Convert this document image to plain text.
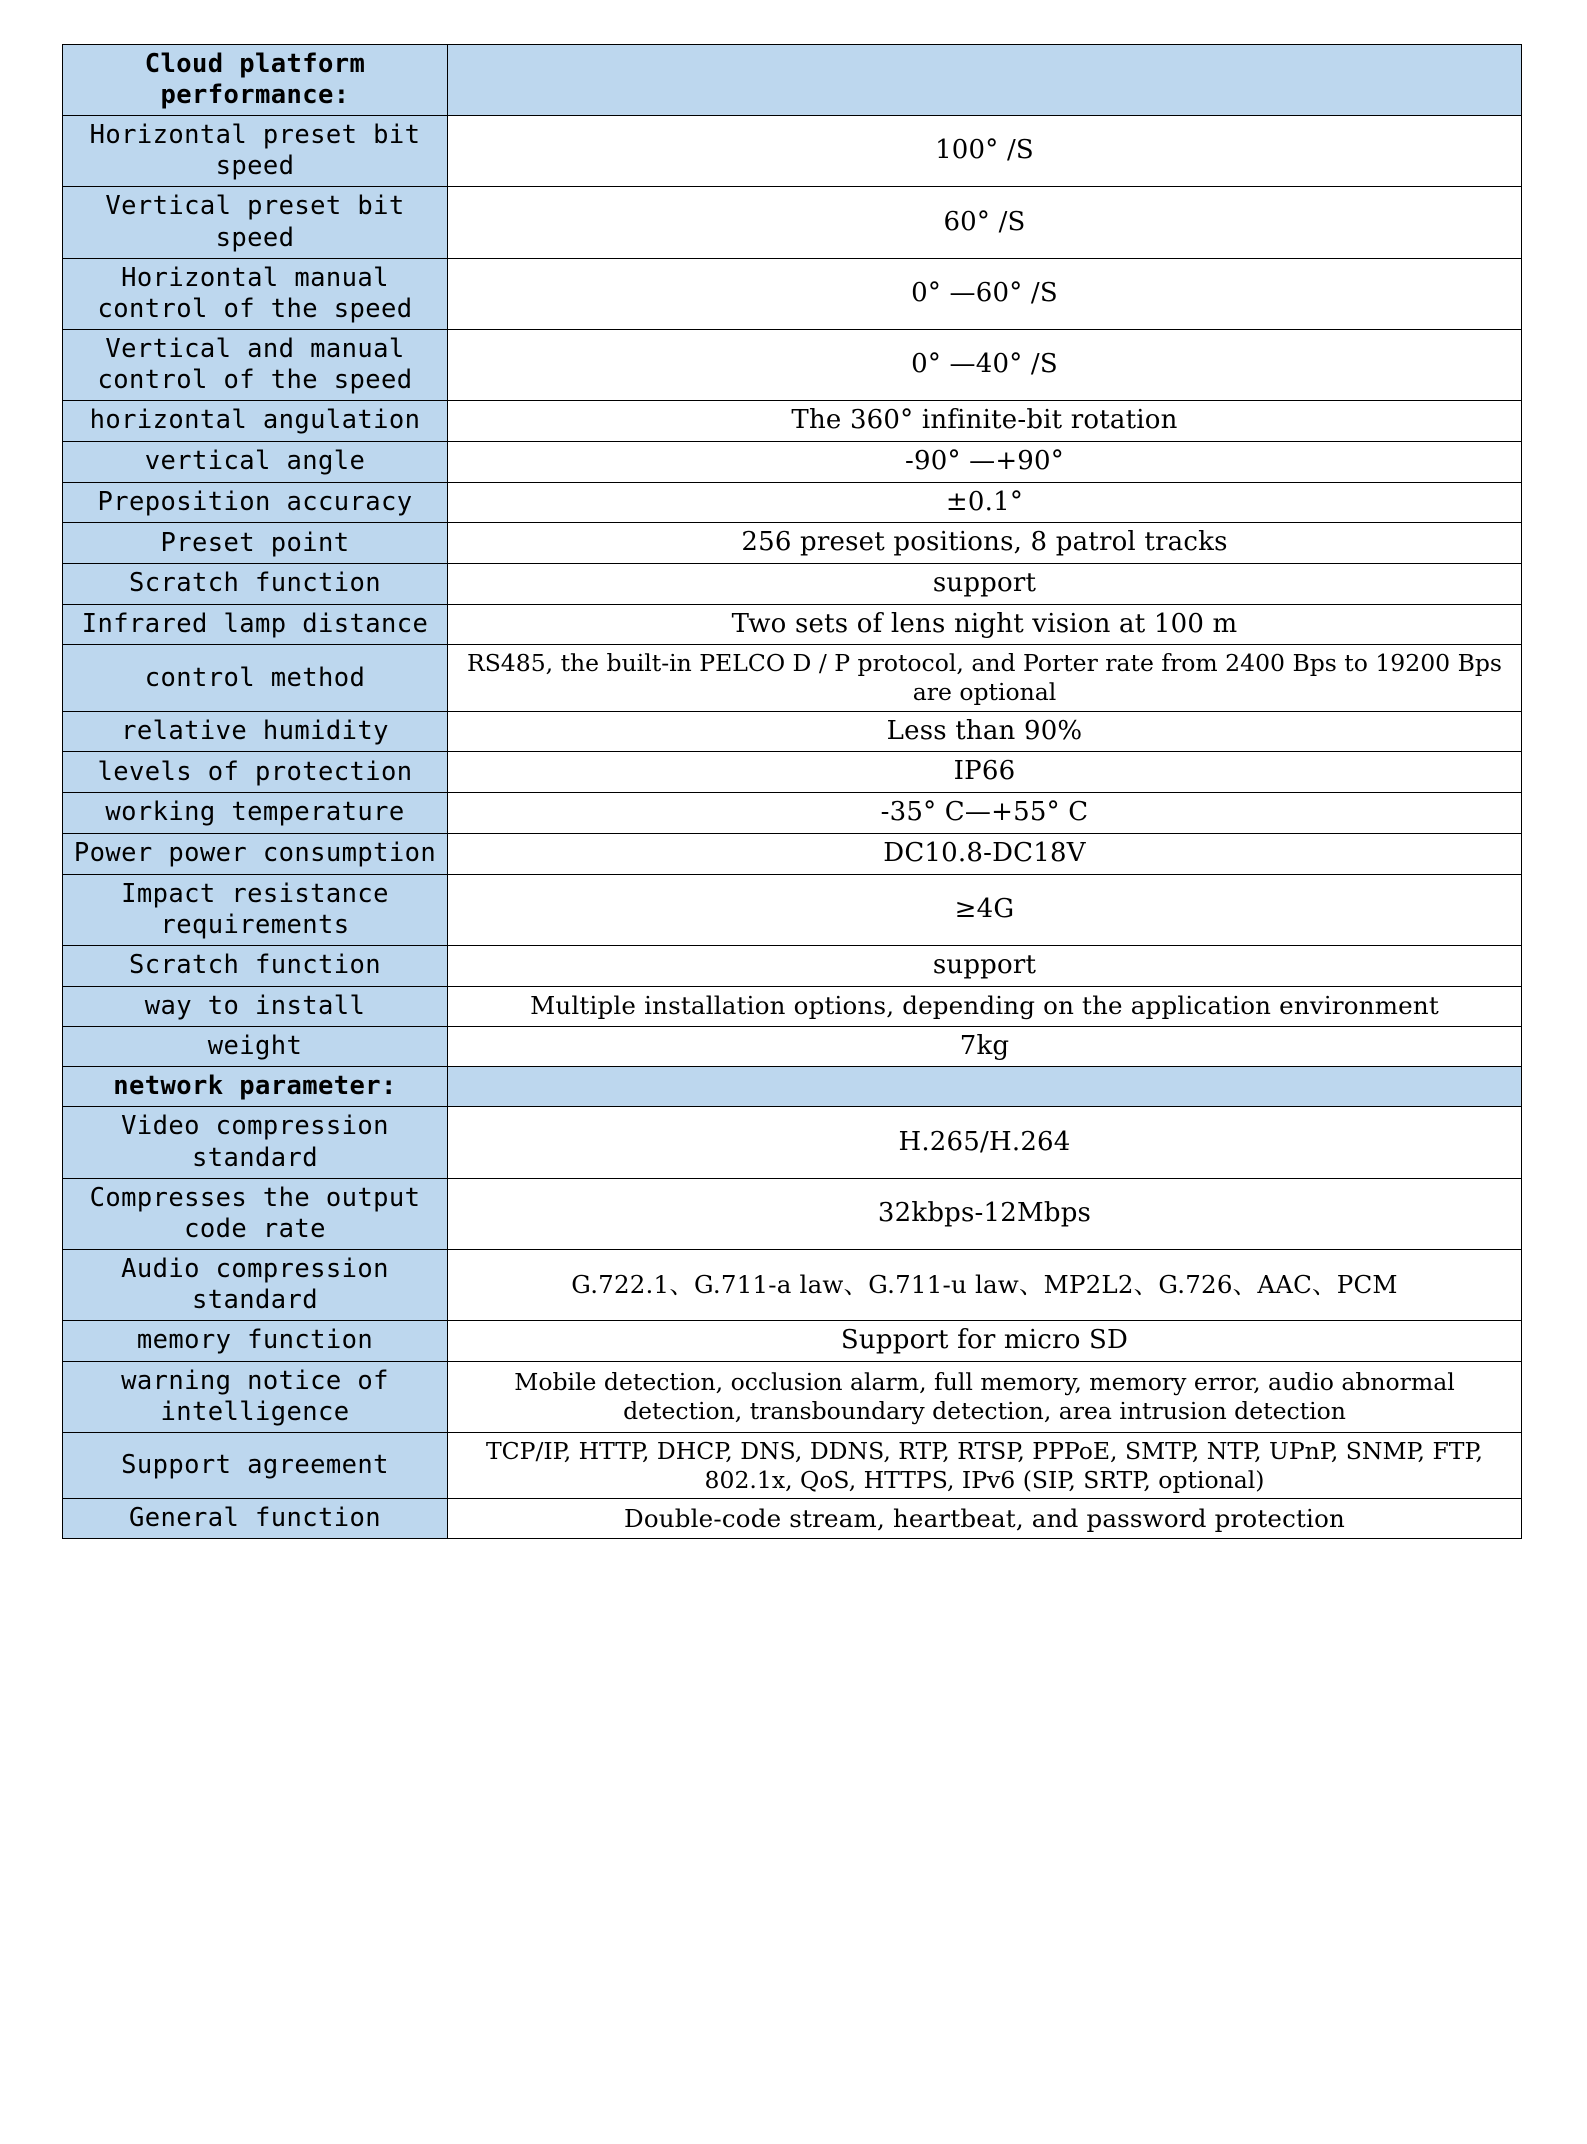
Cloud platform performance:	
Horizontal preset bit speed	100° /S
Vertical preset bit speed	60° /S
Horizontal manual control of the speed	0° —60° /S
Vertical and manual control of the speed	0° —40° /S
horizontal angulation	The 360° infinite-bit rotation
vertical angle	-90° —+90°
Preposition accuracy	±0.1°
Preset point	256 preset positions, 8 patrol tracks
Scratch function	support
Infrared lamp distance	Two sets of lens night vision at 100 m
control method	RS485, the built-in PELCO D / P protocol, and Porter rate from 2400 Bps to 19200 Bps are optional
relative humidity	Less than 90%
levels of protection	IP66
working temperature	-35° C—+55° C
Power power consumption	DC10.8-DC18V
Impact resistance requirements	≥4G
Scratch function	support
way to install	Multiple installation options, depending on the application environment
weight	7kg
network parameter:	
Video compression standard	H.265/H.264
Compresses the output code rate	32kbps-12Mbps
Audio compression standard	G.722.1、G.711-a law、G.711-u law、MP2L2、G.726、AAC、PCM
memory function	Support for micro SD
warning notice of intelligence	Mobile detection, occlusion alarm, full memory, memory error, audio abnormal detection, transboundary detection, area intrusion detection
Support agreement	TCP/IP, HTTP, DHCP, DNS, DDNS, RTP, RTSP, PPPoE, SMTP, NTP, UPnP, SNMP, FTP, 802.1x, QoS, HTTPS, IPv6 (SIP, SRTP, optional)
General function	Double-code stream, heartbeat, and password protection
